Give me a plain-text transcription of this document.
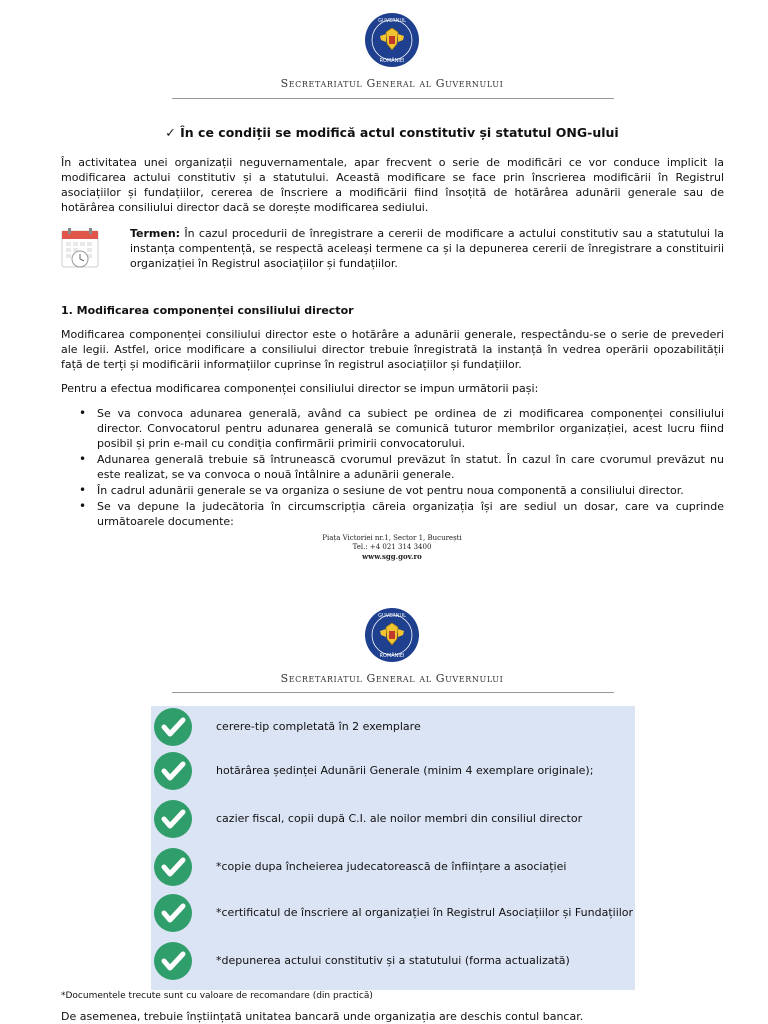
GUVERNUL
ROMÂNIEI
Secretariatul General al Guvernului
✓ În ce condiții se modifică actul constitutiv și statutul ONG-ului
În activitatea unei organizații neguvernamentale, apar frecvent o serie de modificări ce vor conduce implicit la modificarea actului constitutiv și a statutului. Această modificare se face prin înscrierea modificării în Registrul asociațiilor și fundațiilor, cererea de înscriere a modificării fiind însoțită de hotărârea adunării generale sau de hotărârea consiliului director dacă se dorește modificarea sediului.
Termen: În cazul procedurii de înregistrare a cererii de modificare a actului constitutiv sau a statutului la instanța compentență, se respectă aceleași termene ca și la depunerea cererii de înregistrare a constituirii organizației în Registrul asociațiilor și fundațiilor.
1. Modificarea componenței consiliului director
Modificarea componenței consiliului director este o hotărâre a adunării generale, respectându-se o serie de prevederi ale legii. Astfel, orice modificare a consiliului director trebuie înregistrată la instanță în vedrea operării opozabilității față de terți și modificării informațiilor cuprinse în registrul asociațiilor și fundațiilor.
Pentru a efectua modificarea componenței consiliului director se impun următorii pași:
• Se va convoca adunarea generală, având ca subiect pe ordinea de zi modificarea componenței consiliului director. Convocatorul pentru adunarea generală se comunică tuturor membrilor organizației, acest lucru fiind posibil și prin e-mail cu condiția confirmării primirii convocatorului.
• Adunarea generală trebuie să întrunească cvorumul prevăzut în statut. În cazul în care cvorumul prevăzut nu este realizat, se va convoca o nouă întâlnire a adunării generale.
• În cadrul adunării generale se va organiza o sesiune de vot pentru noua componentă a consiliului director.
• Se va depune la judecătoria în circumscripția căreia organizația își are sediul un dosar, care va cuprinde următoarele documente:
Piața Victoriei nr.1, Sector 1, București
Tel.: +4 021 314 3400
www.sgg.gov.ro
GUVERNUL
ROMÂNIEI
Secretariatul General al Guvernului
cerere-tip completată în 2 exemplare
hotărârea ședinței Adunării Generale (minim 4 exemplare originale);
cazier fiscal, copii după C.I. ale noilor membri din consiliul director
*copie dupa încheierea judecatorească de înființare a asociației
*certificatul de înscriere al organizației în Registrul Asociațiilor și Fundațiilor
*depunerea actului constitutiv și a statutului (forma actualizată)
*Documentele trecute sunt cu valoare de recomandare (din practică)
De asemenea, trebuie înștiințată unitatea bancară unde organizația are deschis contul bancar.
